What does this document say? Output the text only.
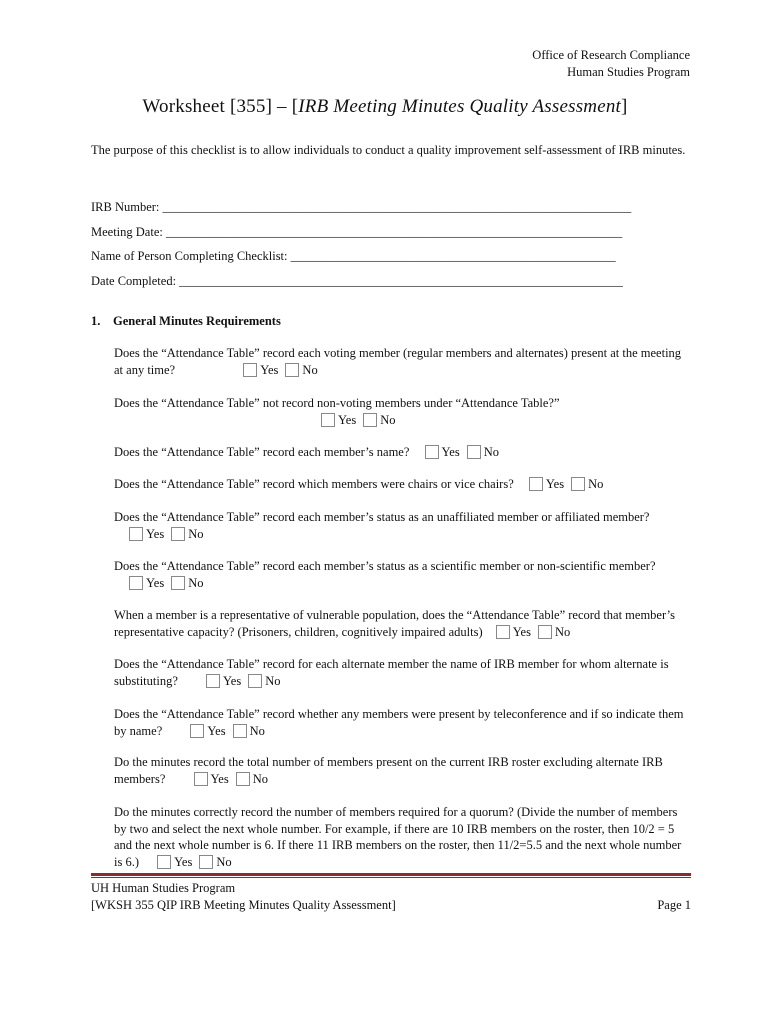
Office of Research Compliance
Human Studies Program
Worksheet [355] – [IRB Meeting Minutes Quality Assessment]
The purpose of this checklist is to allow individuals to conduct a quality improvement self-assessment of IRB minutes.
IRB Number: ___________________________________________________________________________
Meeting Date: _________________________________________________________________________
Name of Person Completing Checklist: ____________________________________________________
Date Completed: _______________________________________________________________________
1. General Minutes Requirements
Does the “Attendance Table” record each voting member (regular members and alternates) present at the meeting at any time?	Yes No
Does the “Attendance Table” not record non-voting members under “Attendance Table?”
Yes No
Does the “Attendance Table” record each member’s name?	Yes No
Does the “Attendance Table” record which members were chairs or vice chairs?	Yes No
Does the “Attendance Table” record each member’s status as an unaffiliated member or affiliated member? Yes No
Does the “Attendance Table” record each member’s status as a scientific member or non-scientific member? Yes No
When a member is a representative of vulnerable population, does the “Attendance Table” record that member’s representative capacity? (Prisoners, children, cognitively impaired adults) Yes No
Does the “Attendance Table” record for each alternate member the name of IRB member for whom alternate is substituting?	Yes No
Does the “Attendance Table” record whether any members were present by teleconference and if so indicate them by name?	Yes No
Do the minutes record the total number of members present on the current IRB roster excluding alternate IRB members?	Yes No
Do the minutes correctly record the number of members required for a quorum? (Divide the number of members by two and select the next whole number. For example, if there are 10 IRB members on the roster, then 10/2 = 5 and the next whole number is 6. If there 11 IRB members on the roster, then 11/2=5.5 and the next whole number is 6.)	Yes No
UH Human Studies Program
[WKSH 355 QIP IRB Meeting Minutes Quality Assessment]	Page 1
